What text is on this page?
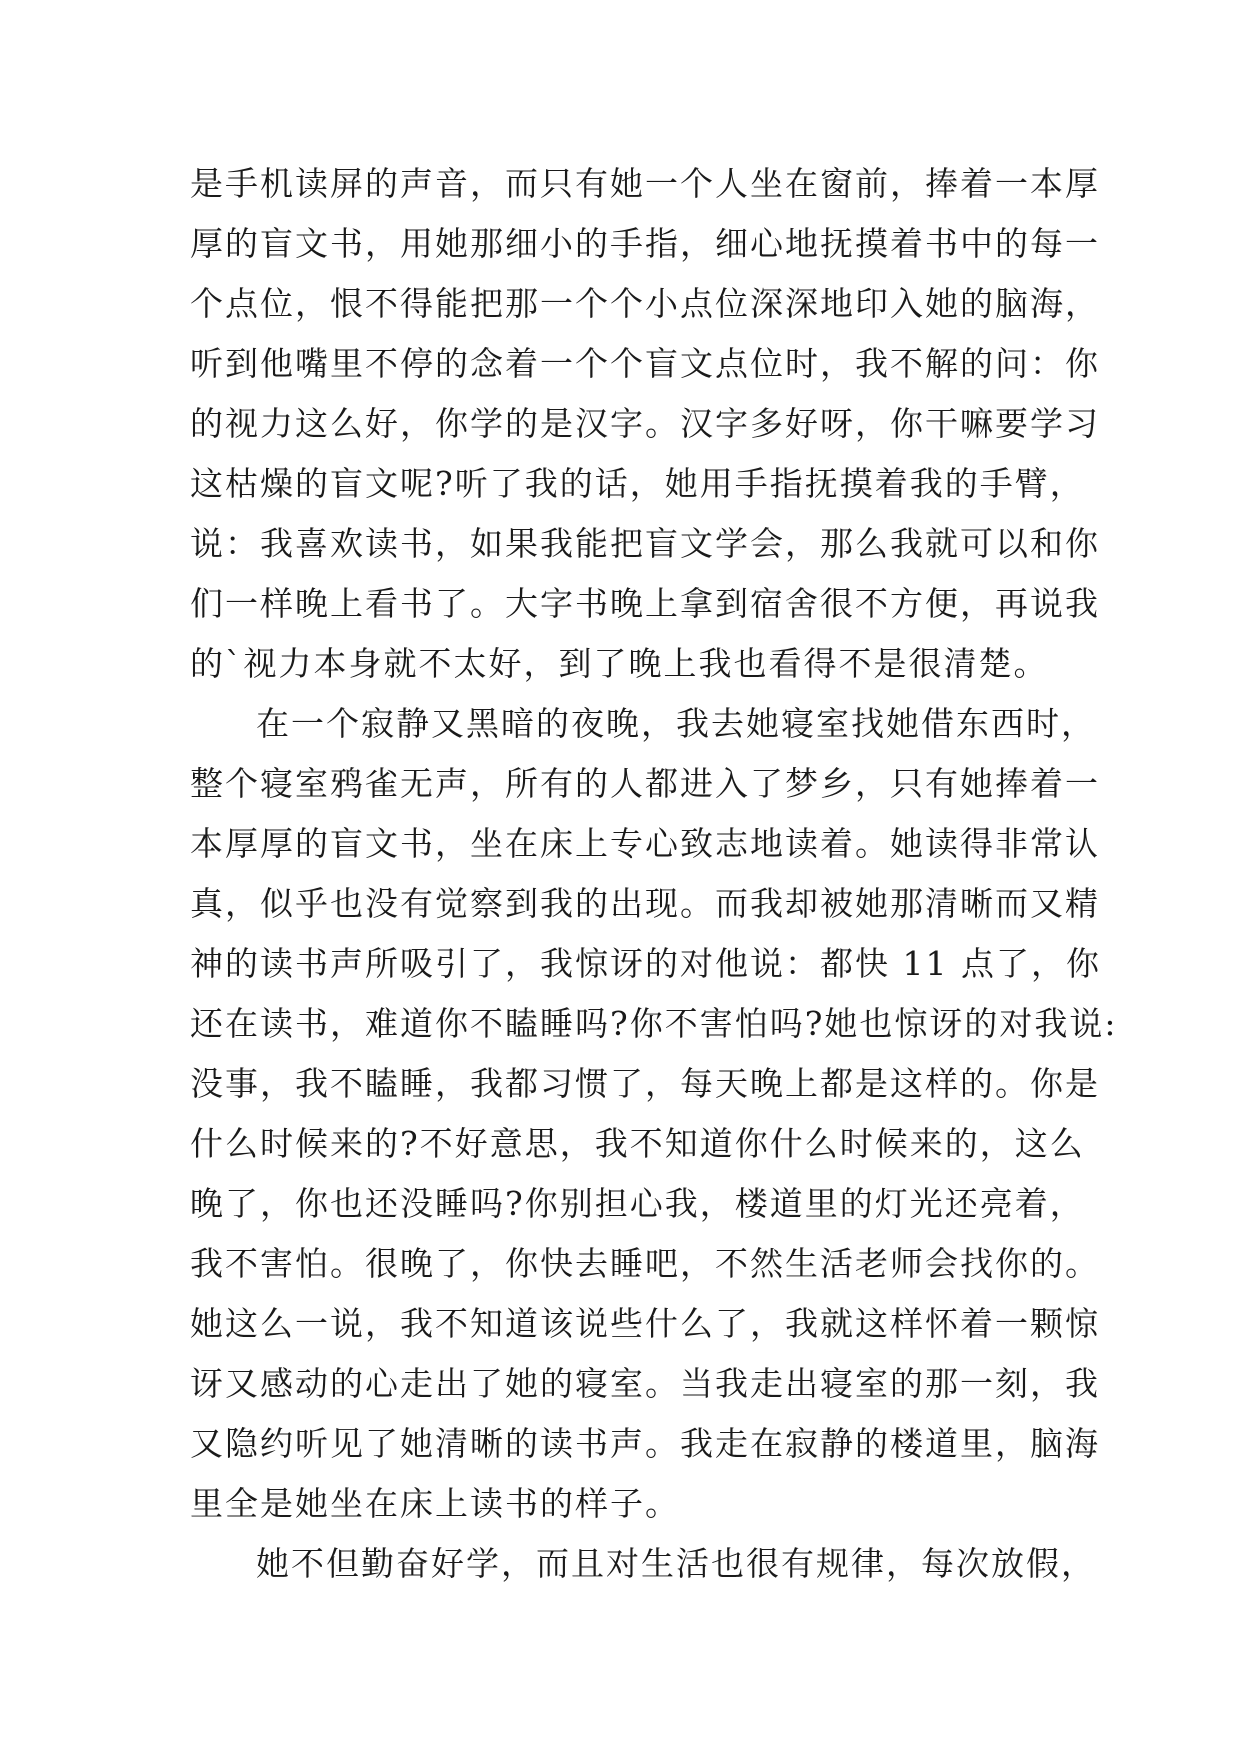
是手机读屏的声音，而只有她一个人坐在窗前，捧着一本厚
厚的盲文书，用她那细小的手指，细心地抚摸着书中的每一
个点位，恨不得能把那一个个小点位深深地印入她的脑海，
听到他嘴里不停的念着一个个盲文点位时，我不解的问：你
的视力这么好，你学的是汉字。汉字多好呀，你干嘛要学习
这枯燥的盲文呢?听了我的话，她用手指抚摸着我的手臂，
说：我喜欢读书，如果我能把盲文学会，那么我就可以和你
们一样晚上看书了。大字书晚上拿到宿舍很不方便，再说我
的`视力本身就不太好，到了晚上我也看得不是很清楚。
在一个寂静又黑暗的夜晚，我去她寝室找她借东西时，
整个寝室鸦雀无声，所有的人都进入了梦乡，只有她捧着一
本厚厚的盲文书，坐在床上专心致志地读着。她读得非常认
真，似乎也没有觉察到我的出现。而我却被她那清晰而又精
神的读书声所吸引了，我惊讶的对他说：都快 11 点了，你
还在读书，难道你不瞌睡吗?你不害怕吗?她也惊讶的对我说:
没事，我不瞌睡，我都习惯了，每天晚上都是这样的。你是
什么时候来的?不好意思，我不知道你什么时候来的，这么
晚了，你也还没睡吗?你别担心我，楼道里的灯光还亮着，
我不害怕。很晚了，你快去睡吧，不然生活老师会找你的。
她这么一说，我不知道该说些什么了，我就这样怀着一颗惊
讶又感动的心走出了她的寝室。当我走出寝室的那一刻，我
又隐约听见了她清晰的读书声。我走在寂静的楼道里，脑海
里全是她坐在床上读书的样子。
她不但勤奋好学，而且对生活也很有规律，每次放假，
